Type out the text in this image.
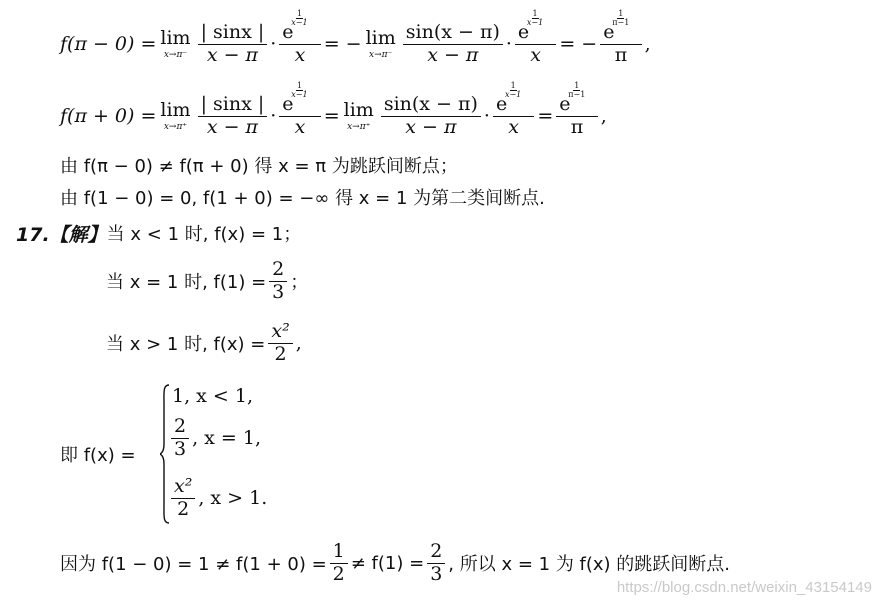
f(π − 0) = lim
$x\to\pi^- \frac{| \sin x |}{x - \pi} \cdot e$
$\frac{1}{x-1}$

x = − lim
$x\to\pi^- \frac{\sin(x - \pi)}{x - \pi} \cdot e$
$\frac{1}{x-1}$

x = − e
$\frac{1}{\pi-1}$

π ,
f(π + 0) = lim
$x\to\pi^+ \frac{| \sin x |}{x - \pi} \cdot e$
$\frac{1}{x-1}$

x = lim
$x\to\pi^+ \frac{\sin(x - \pi)}{x - \pi} \cdot e$
$\frac{1}{x-1}$

x = e
$\frac{1}{\pi-1}$

π ,
由 f(π − 0) ≠ f(π + 0) 得 x = π 为跳跃间断点；
由 f(1 − 0) = 0, f(1 + 0) = −∞ 得 x = 1 为第二类间断点.
17.【解】 当 x < 1 时, f(x) = 1；
当 x = 1 时, $f(1) = \frac{2}{3}$ ；
当 x > 1 时, $f(x) = \frac{\text{x²}}{2}$ ,
即 f(x) =
1, x < 1,
$\frac{2}{3}$ , x = 1,
$\frac{\text{x²}}{2}$ , x > 1.
因为 $f(1 - 0) = 1 \ne f(1 + 0) = \frac{1}{2} \ne f(1) = \frac{2}{3}$ , 所以 x = 1 为 f(x) 的跳跃间断点.
https://blog.csdn.net/weixin_43154149
